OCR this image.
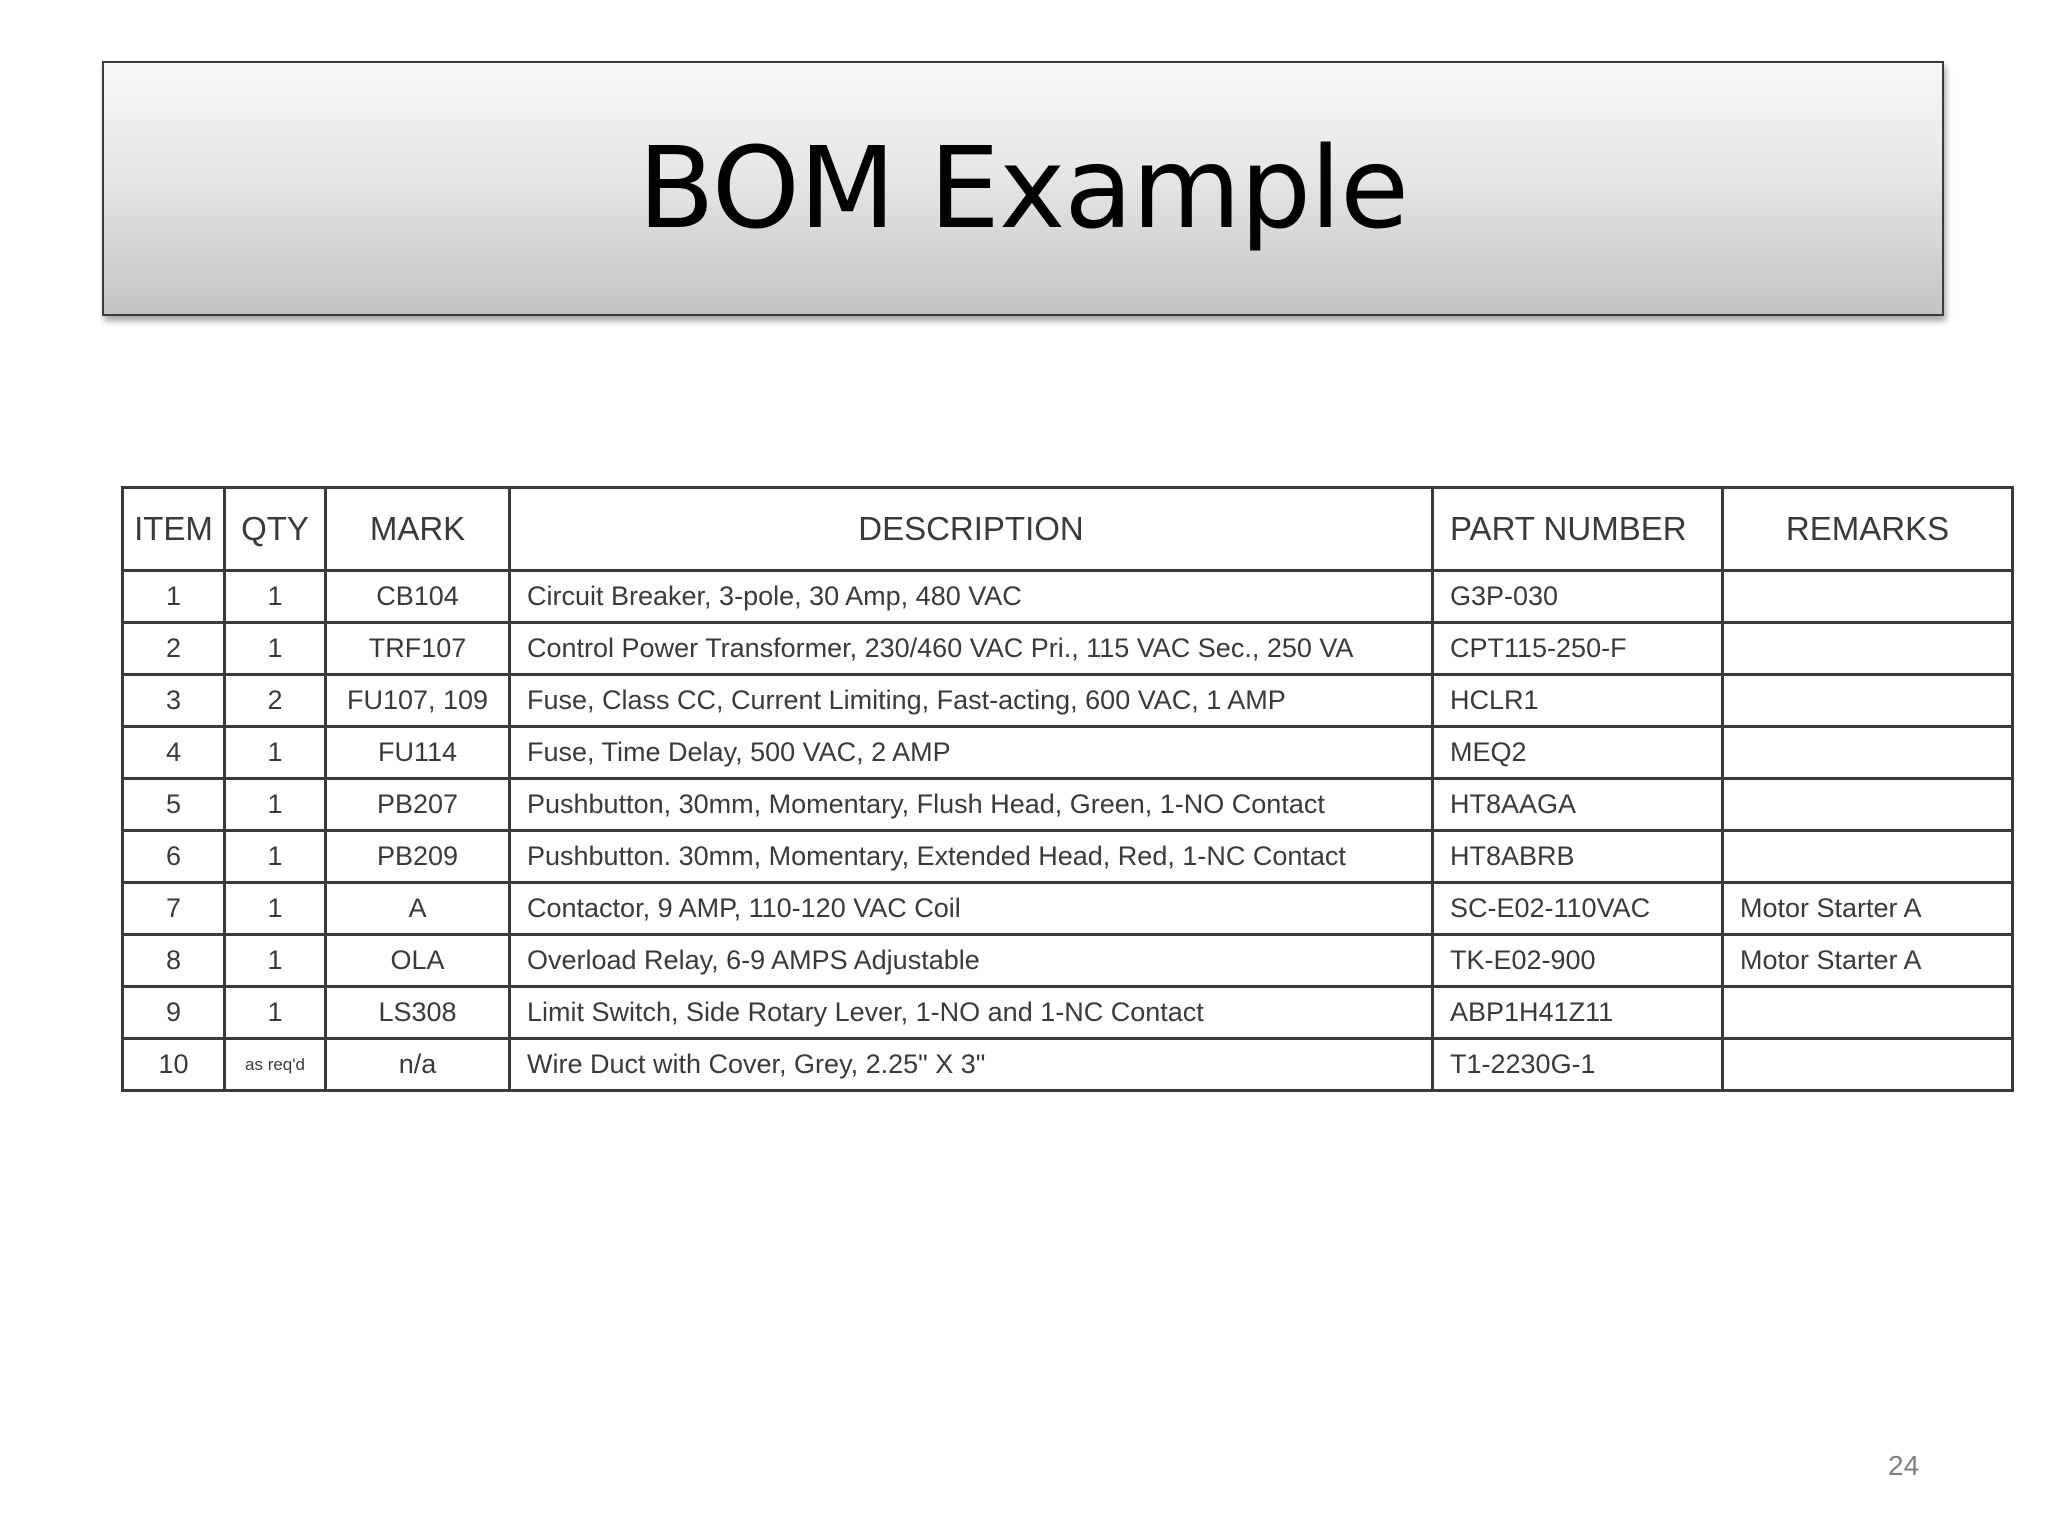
BOM Example
ITEM	QTY	MARK	DESCRIPTION	PART NUMBER	REMARKS
1	1	CB104	Circuit Breaker, 3-pole, 30 Amp, 480 VAC	G3P-030	
2	1	TRF107	Control Power Transformer, 230/460 VAC Pri., 115 VAC Sec., 250 VA	CPT115-250-F	
3	2	FU107, 109	Fuse, Class CC, Current Limiting, Fast-acting, 600 VAC, 1 AMP	HCLR1	
4	1	FU114	Fuse, Time Delay, 500 VAC, 2 AMP	MEQ2	
5	1	PB207	Pushbutton, 30mm, Momentary, Flush Head, Green, 1-NO Contact	HT8AAGA	
6	1	PB209	Pushbutton. 30mm, Momentary, Extended Head, Red, 1-NC Contact	HT8ABRB	
7	1	A	Contactor, 9 AMP, 110-120 VAC Coil	SC-E02-110VAC	Motor Starter A
8	1	OLA	Overload Relay, 6-9 AMPS Adjustable	TK-E02-900	Motor Starter A
9	1	LS308	Limit Switch, Side Rotary Lever, 1-NO and 1-NC Contact	ABP1H41Z11	
10	as req'd	n/a	Wire Duct with Cover, Grey, 2.25" X 3"	T1-2230G-1	
24
